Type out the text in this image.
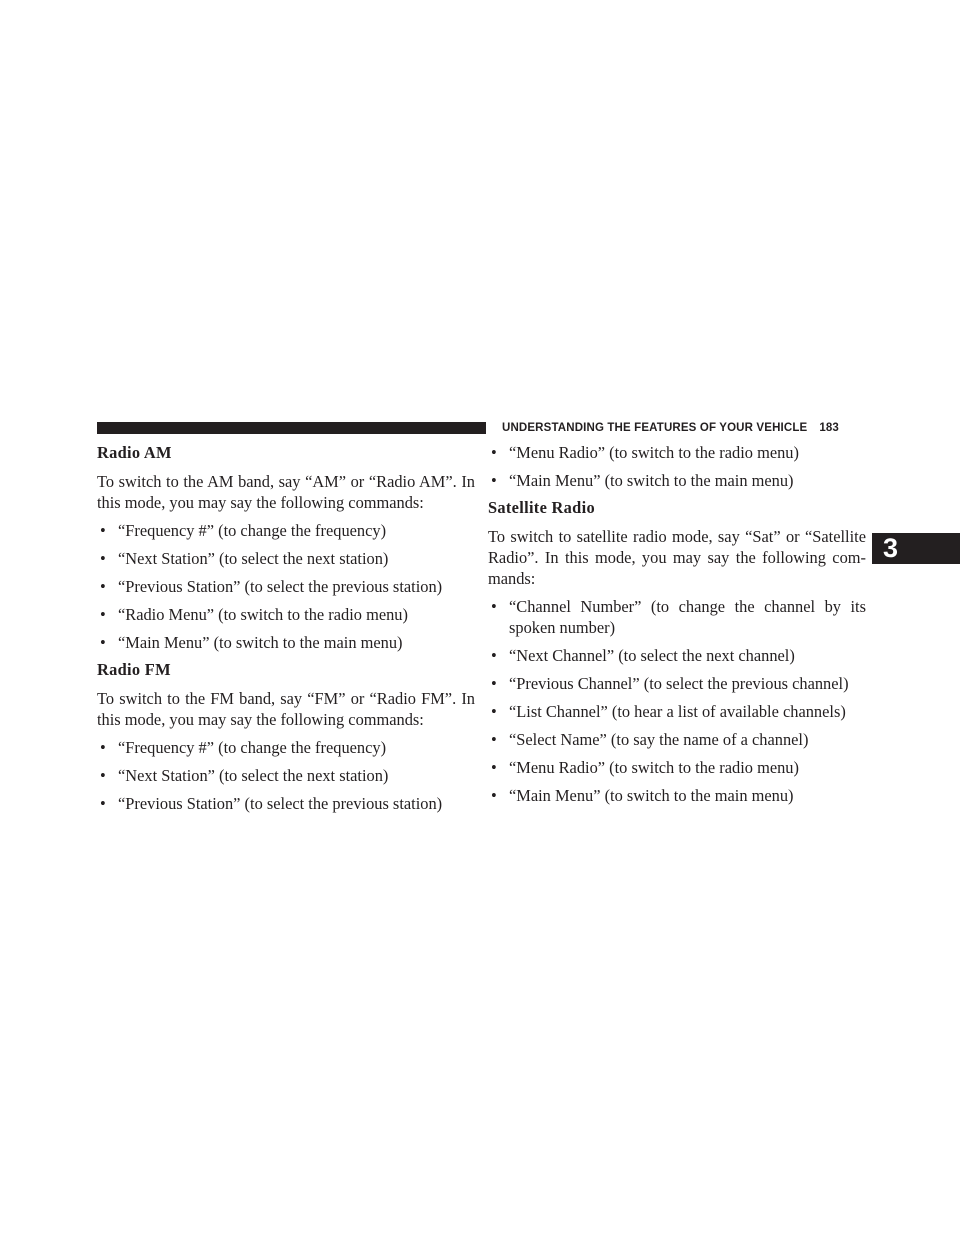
UNDERSTANDING THE FEATURES OF YOUR VEHICLE 183
3

Radio AM

To switch to the AM band, say “AM” or “Radio AM”. In this mode, you may say the following commands:

• “Frequency #” (to change the frequency)
• “Next Station” (to select the next station)
• “Previous Station” (to select the previous station)
• “Radio Menu” (to switch to the radio menu)
• “Main Menu” (to switch to the main menu)

Radio FM

To switch to the FM band, say “FM” or “Radio FM”. In this mode, you may say the following commands:

• “Frequency #” (to change the frequency)
• “Next Station” (to select the next station)
• “Previous Station” (to select the previous station)
• “Menu Radio” (to switch to the radio menu)
• “Main Menu” (to switch to the main menu)

Satellite Radio

To switch to satellite radio mode, say “Sat” or “Satellite Radio”. In this mode, you may say the following com- mands:

• “Channel Number” (to change the channel by its spoken number)
• “Next Channel” (to select the next channel)
• “Previous Channel” (to select the previous channel)
• “List Channel” (to hear a list of available channels)
• “Select Name” (to say the name of a channel)
• “Menu Radio” (to switch to the radio menu)
• “Main Menu” (to switch to the main menu)
